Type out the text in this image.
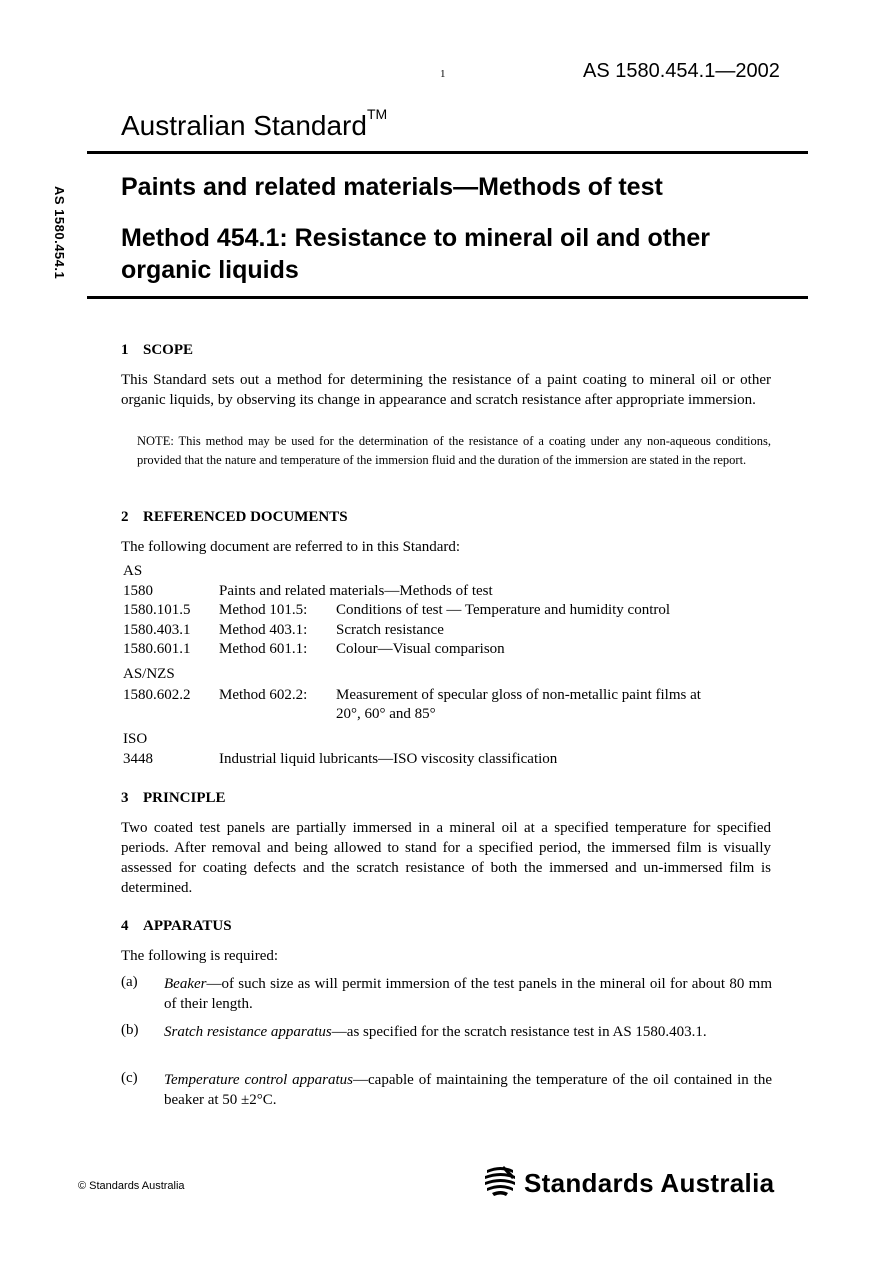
1	AS 1580.454.1—2002
Australian Standard™
AS 1580.454.1 Paints and related materials—Methods of test
Method 454.1: Resistance to mineral oil and other organic liquids
1 SCOPE
This Standard sets out a method for determining the resistance of a paint coating to mineral oil or other organic liquids, by observing its change in appearance and scratch resistance after appropriate immersion.
NOTE: This method may be used for the determination of the resistance of a coating under any non-aqueous conditions, provided that the nature and temperature of the immersion fluid and the duration of the immersion are stated in the report.
2 REFERENCED DOCUMENTS
The following document are referred to in this Standard:
AS
1580	Paints and related materials—Methods of test
1580.101.5 Method 101.5: Conditions of test — Temperature and humidity control
1580.403.1 Method 403.1: Scratch resistance
1580.601.1 Method 601.1: Colour—Visual comparison
AS/NZS
1580.602.2 Method 602.2: Measurement of specular gloss of non-metallic paint films at
20°, 60° and 85°
ISO
3448	Industrial liquid lubricants—ISO viscosity classification
3 PRINCIPLE
Two coated test panels are partially immersed in a mineral oil at a specified temperature for specified periods. After removal and being allowed to stand for a specified period, the immersed film is visually assessed for coating defects and the scratch resistance of both the immersed and un-immersed film is determined.
4 APPARATUS
The following is required:
(a) Beaker—of such size as will permit immersion of the test panels in the mineral oil for about 80 mm of their length.
(b) Sratch resistance apparatus—as specified for the scratch resistance test in AS 1580.403.1.
(c) Temperature control apparatus—capable of maintaining the temperature of the oil contained in the beaker at 50 ±2°C.
© Standards Australia	Standards Australia
